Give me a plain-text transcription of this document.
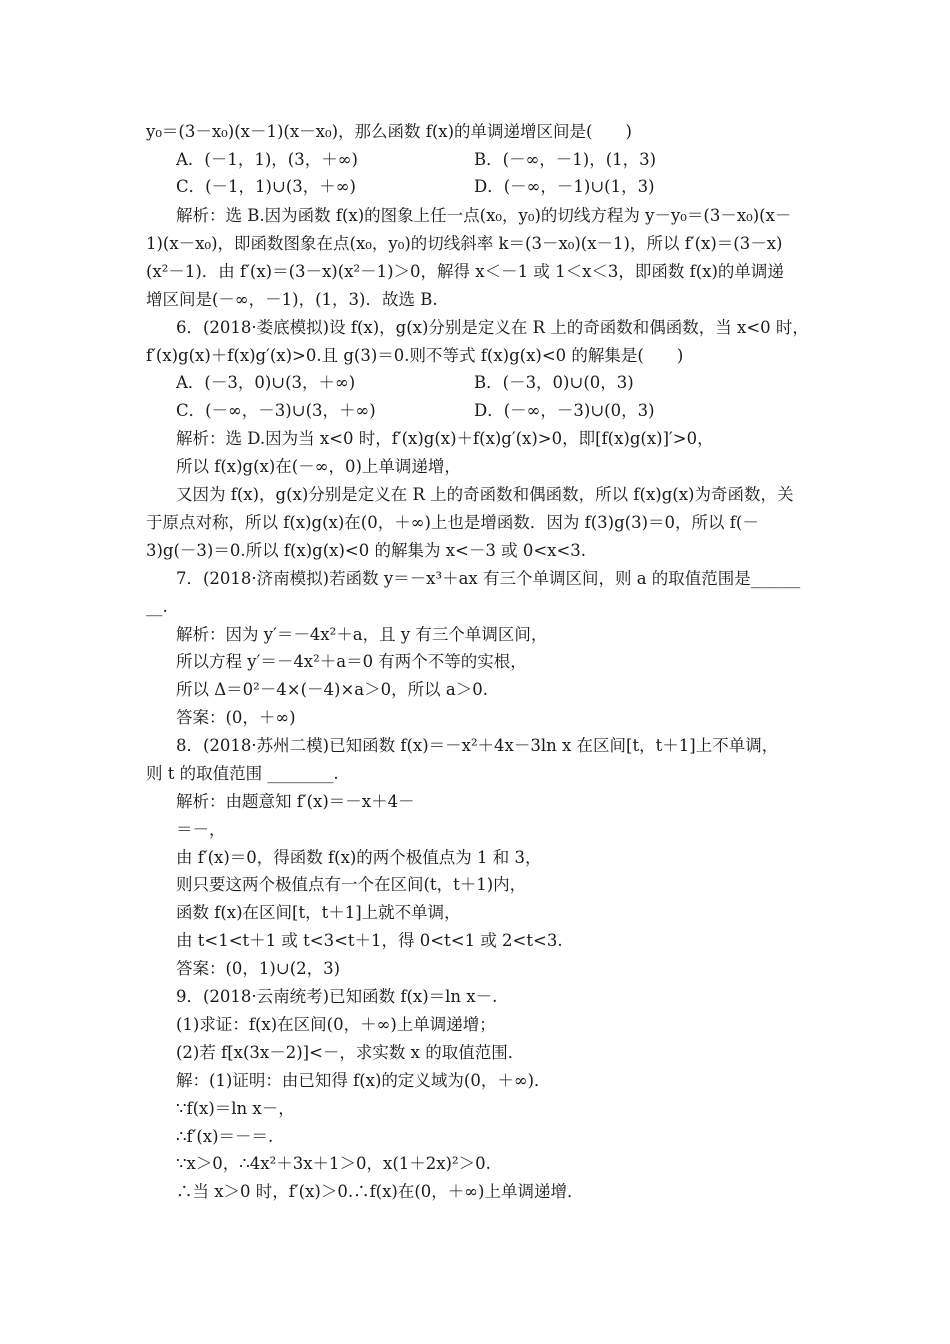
y₀＝(3－x₀)(x－1)(x－x₀)，那么函数 f(x)的单调递增区间是(　　)
A．(－1，1)，(3，＋∞)	B．(－∞，－1)，(1，3)
C．(－1，1)∪(3，＋∞)	D．(－∞，－1)∪(1，3)
解析：选 B.因为函数 f(x)的图象上任一点(x₀，y₀)的切线方程为 y－y₀＝(3－x₀)(x－
1)(x－x₀)，即函数图象在点(x₀，y₀)的切线斜率 k＝(3－x₀)(x－1)，所以 f′(x)＝(3－x)
(x²－1)．由 f′(x)＝(3－x)(x²－1)＞0，解得 x＜－1 或 1＜x＜3，即函数 f(x)的单调递
增区间是(－∞，－1)，(1，3)．故选 B.
6．(2018·娄底模拟)设 f(x)，g(x)分别是定义在 R 上的奇函数和偶函数，当 x<0 时，
f′(x)g(x)＋f(x)g′(x)>0.且 g(3)＝0.则不等式 f(x)g(x)<0 的解集是(　　)
A．(－3，0)∪(3，＋∞)	B．(－3，0)∪(0，3)
C．(－∞，－3)∪(3，＋∞)	D．(－∞，－3)∪(0，3)
解析：选 D.因为当 x<0 时，f′(x)g(x)＋f(x)g′(x)>0，即[f(x)g(x)]′>0，
所以 f(x)g(x)在(－∞，0)上单调递增，
又因为 f(x)，g(x)分别是定义在 R 上的奇函数和偶函数，所以 f(x)g(x)为奇函数，关
于原点对称，所以 f(x)g(x)在(0，＋∞)上也是增函数．因为 f(3)g(3)＝0，所以 f(－
3)g(－3)＝0.所以 f(x)g(x)<0 的解集为 x<－3 或 0<x<3.
7．(2018·济南模拟)若函数 y＝－x³＋ax 有三个单调区间，则 a 的取值范围是______
__.
解析：因为 y′＝－4x²＋a，且 y 有三个单调区间，
所以方程 y′＝－4x²＋a＝0 有两个不等的实根，
所以 Δ＝0²－4×(－4)×a＞0，所以 a＞0.
答案：(0，＋∞)
8．(2018·苏州二模)已知函数 f(x)＝－x²＋4x－3ln x 在区间[t，t＋1]上不单调，
则 t 的取值范围 ________.
解析：由题意知 f′(x)＝－x＋4－
＝－，
由 f′(x)＝0，得函数 f(x)的两个极值点为 1 和 3，
则只要这两个极值点有一个在区间(t，t＋1)内，
函数 f(x)在区间[t，t＋1]上就不单调，
由 t<1<t＋1 或 t<3<t＋1，得 0<t<1 或 2<t<3.
答案：(0，1)∪(2，3)
9．(2018·云南统考)已知函数 f(x)＝ln x－.
(1)求证：f(x)在区间(0，＋∞)上单调递增；
(2)若 f[x(3x－2)]<－，求实数 x 的取值范围．
解：(1)证明：由已知得 f(x)的定义域为(0，＋∞)．
∵f(x)＝ln x－，
∴f′(x)＝－＝.
∵x＞0，∴4x²＋3x＋1＞0，x(1＋2x)²＞0.
∴当 x＞0 时，f′(x)＞0.∴f(x)在(0，＋∞)上单调递增．
